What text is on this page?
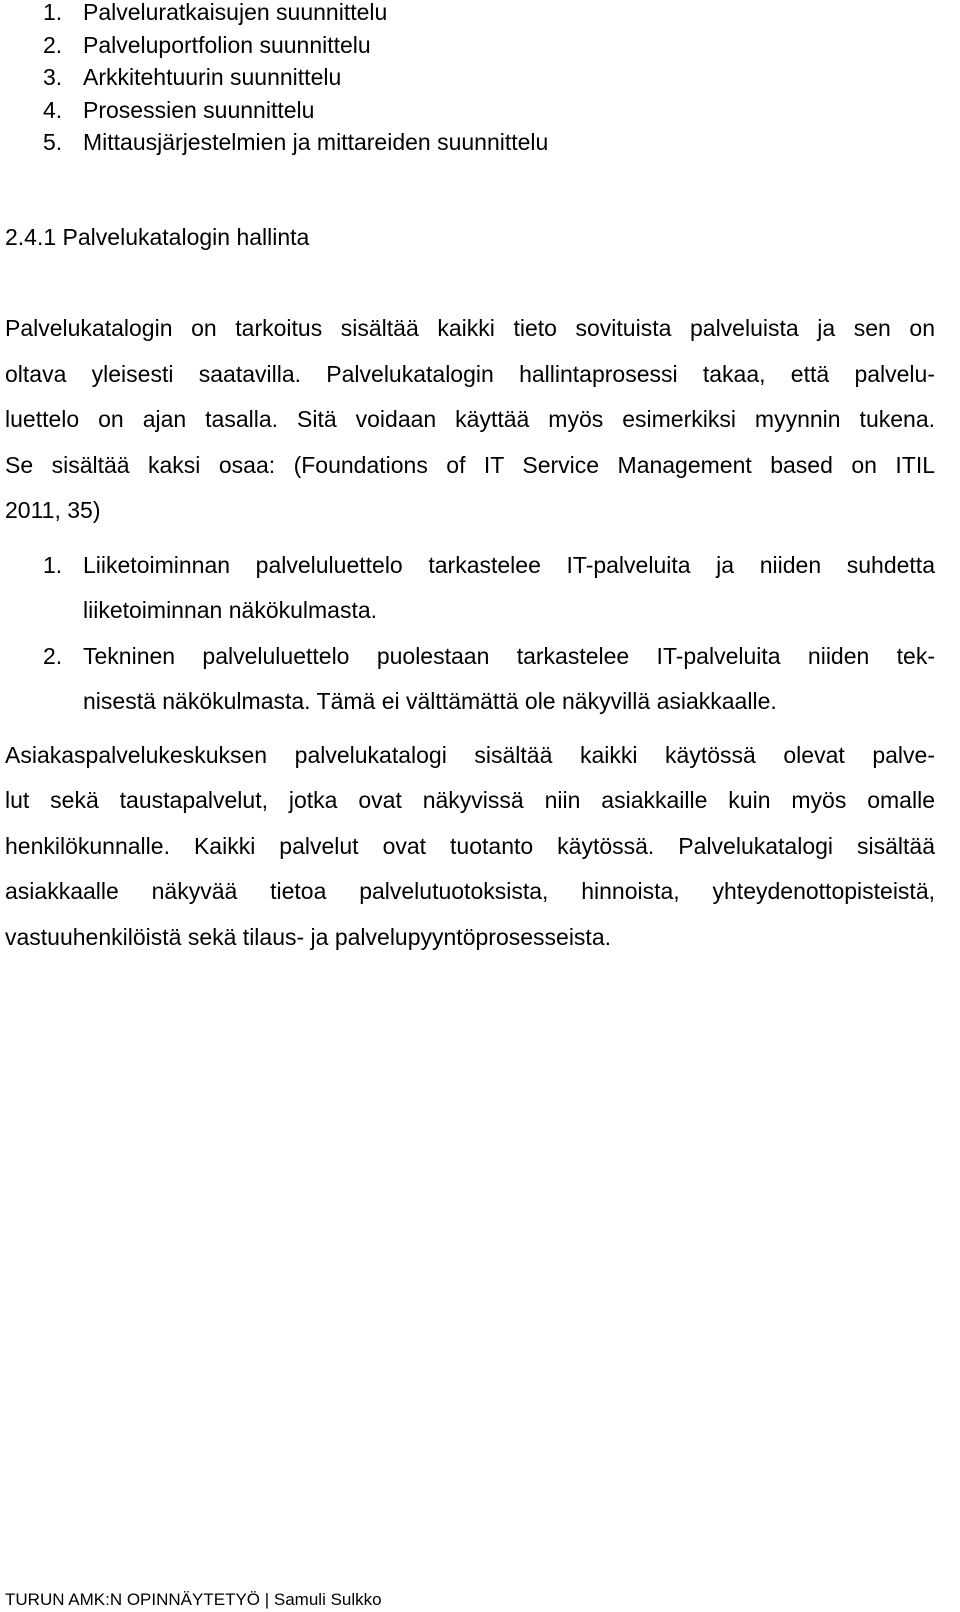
1. Palveluratkaisujen suunnittelu
2. Palveluportfolion suunnittelu
3. Arkkitehtuurin suunnittelu
4. Prosessien suunnittelu
5. Mittausjärjestelmien ja mittareiden suunnittelu
2.4.1 Palvelukatalogin hallinta
Palvelukatalogin on tarkoitus sisältää kaikki tieto sovituista palveluista ja sen on
oltava yleisesti saatavilla. Palvelukatalogin hallintaprosessi takaa, että palvelu-
luettelo on ajan tasalla. Sitä voidaan käyttää myös esimerkiksi myynnin tukena.
Se sisältää kaksi osaa: (Foundations of IT Service Management based on ITIL
2011, 35)
1. Liiketoiminnan palveluluettelo tarkastelee IT-palveluita ja niiden suhdetta
liiketoiminnan näkökulmasta.
2. Tekninen palveluluettelo puolestaan tarkastelee IT-palveluita niiden tek-
nisestä näkökulmasta. Tämä ei välttämättä ole näkyvillä asiakkaalle.
Asiakaspalvelukeskuksen palvelukatalogi sisältää kaikki käytössä olevat palve-
lut sekä taustapalvelut, jotka ovat näkyvissä niin asiakkaille kuin myös omalle
henkilökunnalle. Kaikki palvelut ovat tuotanto käytössä. Palvelukatalogi sisältää
asiakkaalle näkyvää tietoa palvelutuotoksista, hinnoista, yhteydenottopisteistä,
vastuuhenkilöistä sekä tilaus- ja palvelupyyntöprosesseista.
TURUN AMK:N OPINNÄYTETYÖ | Samuli Sulkko
